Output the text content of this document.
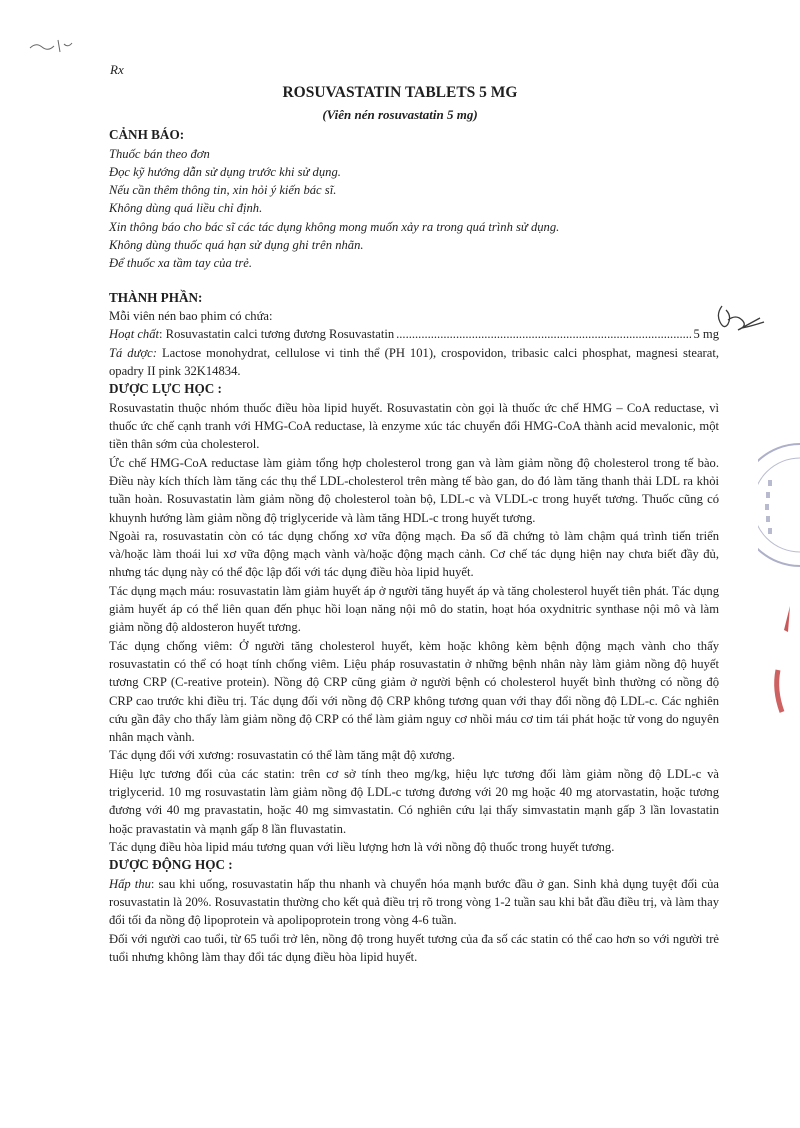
Rx
ROSUVASTATIN TABLETS 5 MG
(Viên nén rosuvastatin 5 mg)
CẢNH BÁO:
Thuốc bán theo đơn
Đọc kỹ hướng dẫn sử dụng trước khi sử dụng.
Nếu cần thêm thông tin, xin hỏi ý kiến bác sĩ.
Không dùng quá liều chỉ định.
Xin thông báo cho bác sĩ các tác dụng không mong muốn xảy ra trong quá trình sử dụng.
Không dùng thuốc quá hạn sử dụng ghi trên nhãn.
Để thuốc xa tầm tay của trẻ.
THÀNH PHẦN:
Mỗi viên nén bao phim có chứa:
Hoạt chất: Rosuvastatin calci tương đương Rosuvastatin
.....	5 mg

Tá dược: Lactose monohydrat, cellulose vi tinh thể (PH 101), crospovidon, tribasic calci phosphat, magnesi stearat, opadry II pink 32K14834.

DƯỢC LỰC HỌC :

Rosuvastatin thuộc nhóm thuốc điều hòa lipid huyết. Rosuvastatin còn gọi là thuốc ức chế HMG – CoA reductase, vì thuốc ức chế cạnh tranh với HMG-CoA reductase, là enzyme xúc tác chuyển đổi HMG-CoA thành acid mevalonic, một tiền thân sớm của cholesterol.

Ức chế HMG-CoA reductase làm giảm tổng hợp cholesterol trong gan và làm giảm nồng độ cholesterol trong tế bào. Điều này kích thích làm tăng các thụ thể LDL-cholesterol trên màng tế bào gan, do đó làm tăng thanh thải LDL ra khỏi tuần hoàn. Rosuvastatin làm giảm nồng độ cholesterol toàn bộ, LDL-c và VLDL-c trong huyết tương. Thuốc cũng có khuynh hướng làm giảm nồng độ triglyceride và làm tăng HDL-c trong huyết tương.

Ngoài ra, rosuvastatin còn có tác dụng chống xơ vữa động mạch. Đa số đã chứng tỏ làm chậm quá trình tiến triển và/hoặc làm thoái lui xơ vữa động mạch vành và/hoặc động mạch cảnh. Cơ chế tác dụng hiện nay chưa biết đầy đủ, nhưng tác dụng này có thể độc lập đối với tác dụng điều hòa lipid huyết.

Tác dụng mạch máu: rosuvastatin làm giảm huyết áp ở người tăng huyết áp và tăng cholesterol huyết tiên phát. Tác dụng giảm huyết áp có thể liên quan đến phục hồi loạn năng nội mô do statin, hoạt hóa oxydnitric synthase nội mô và làm giảm nồng độ aldosteron huyết tương.

Tác dụng chống viêm: Ở người tăng cholesterol huyết, kèm hoặc không kèm bệnh động mạch vành cho thấy rosuvastatin có thể có hoạt tính chống viêm. Liệu pháp rosuvastatin ở những bệnh nhân này làm giảm nồng độ huyết tương CRP (C-reative protein). Nồng độ CRP cũng giảm ở người bệnh có cholesterol huyết bình thường có nồng độ CRP cao trước khi điều trị. Tác dụng đối với nồng độ CRP không tương quan với thay đổi nồng độ LDL-c. Các nghiên cứu gần đây cho thấy làm giảm nồng độ CRP có thể làm giảm nguy cơ nhồi máu cơ tim tái phát hoặc tử vong do nguyên nhân mạch vành.

Tác dụng đối với xương: rosuvastatin có thể làm tăng mật độ xương.

Hiệu lực tương đối của các statin: trên cơ sở tính theo mg/kg, hiệu lực tương đối làm giảm nồng độ LDL-c và triglycerid. 10 mg rosuvastatin làm giảm nồng độ LDL-c tương đương với 20 mg hoặc 40 mg atorvastatin, hoặc tương đương với 40 mg pravastatin, hoặc 40 mg simvastatin. Có nghiên cứu lại thấy simvastatin mạnh gấp 3 lần lovastatin hoặc pravastatin và mạnh gấp 8 lần fluvastatin.

Tác dụng điều hòa lipid máu tương quan với liều lượng hơn là với nồng độ thuốc trong huyết tương.

DƯỢC ĐỘNG HỌC :

Hấp thu: sau khi uống, rosuvastatin hấp thu nhanh và chuyển hóa mạnh bước đầu ở gan. Sinh khả dụng tuyệt đối của rosuvastatin là 20%. Rosuvastatin thường cho kết quả điều trị rõ trong vòng 1-2 tuần sau khi bắt đầu điều trị, và làm thay đổi tối đa nồng độ lipoprotein và apolipoprotein trong vòng 4-6 tuần.

Đối với người cao tuổi, từ 65 tuổi trở lên, nồng độ trong huyết tương của đa số các statin có thể cao hơn so với người trẻ tuổi nhưng không làm thay đổi tác dụng điều hòa lipid huyết.
